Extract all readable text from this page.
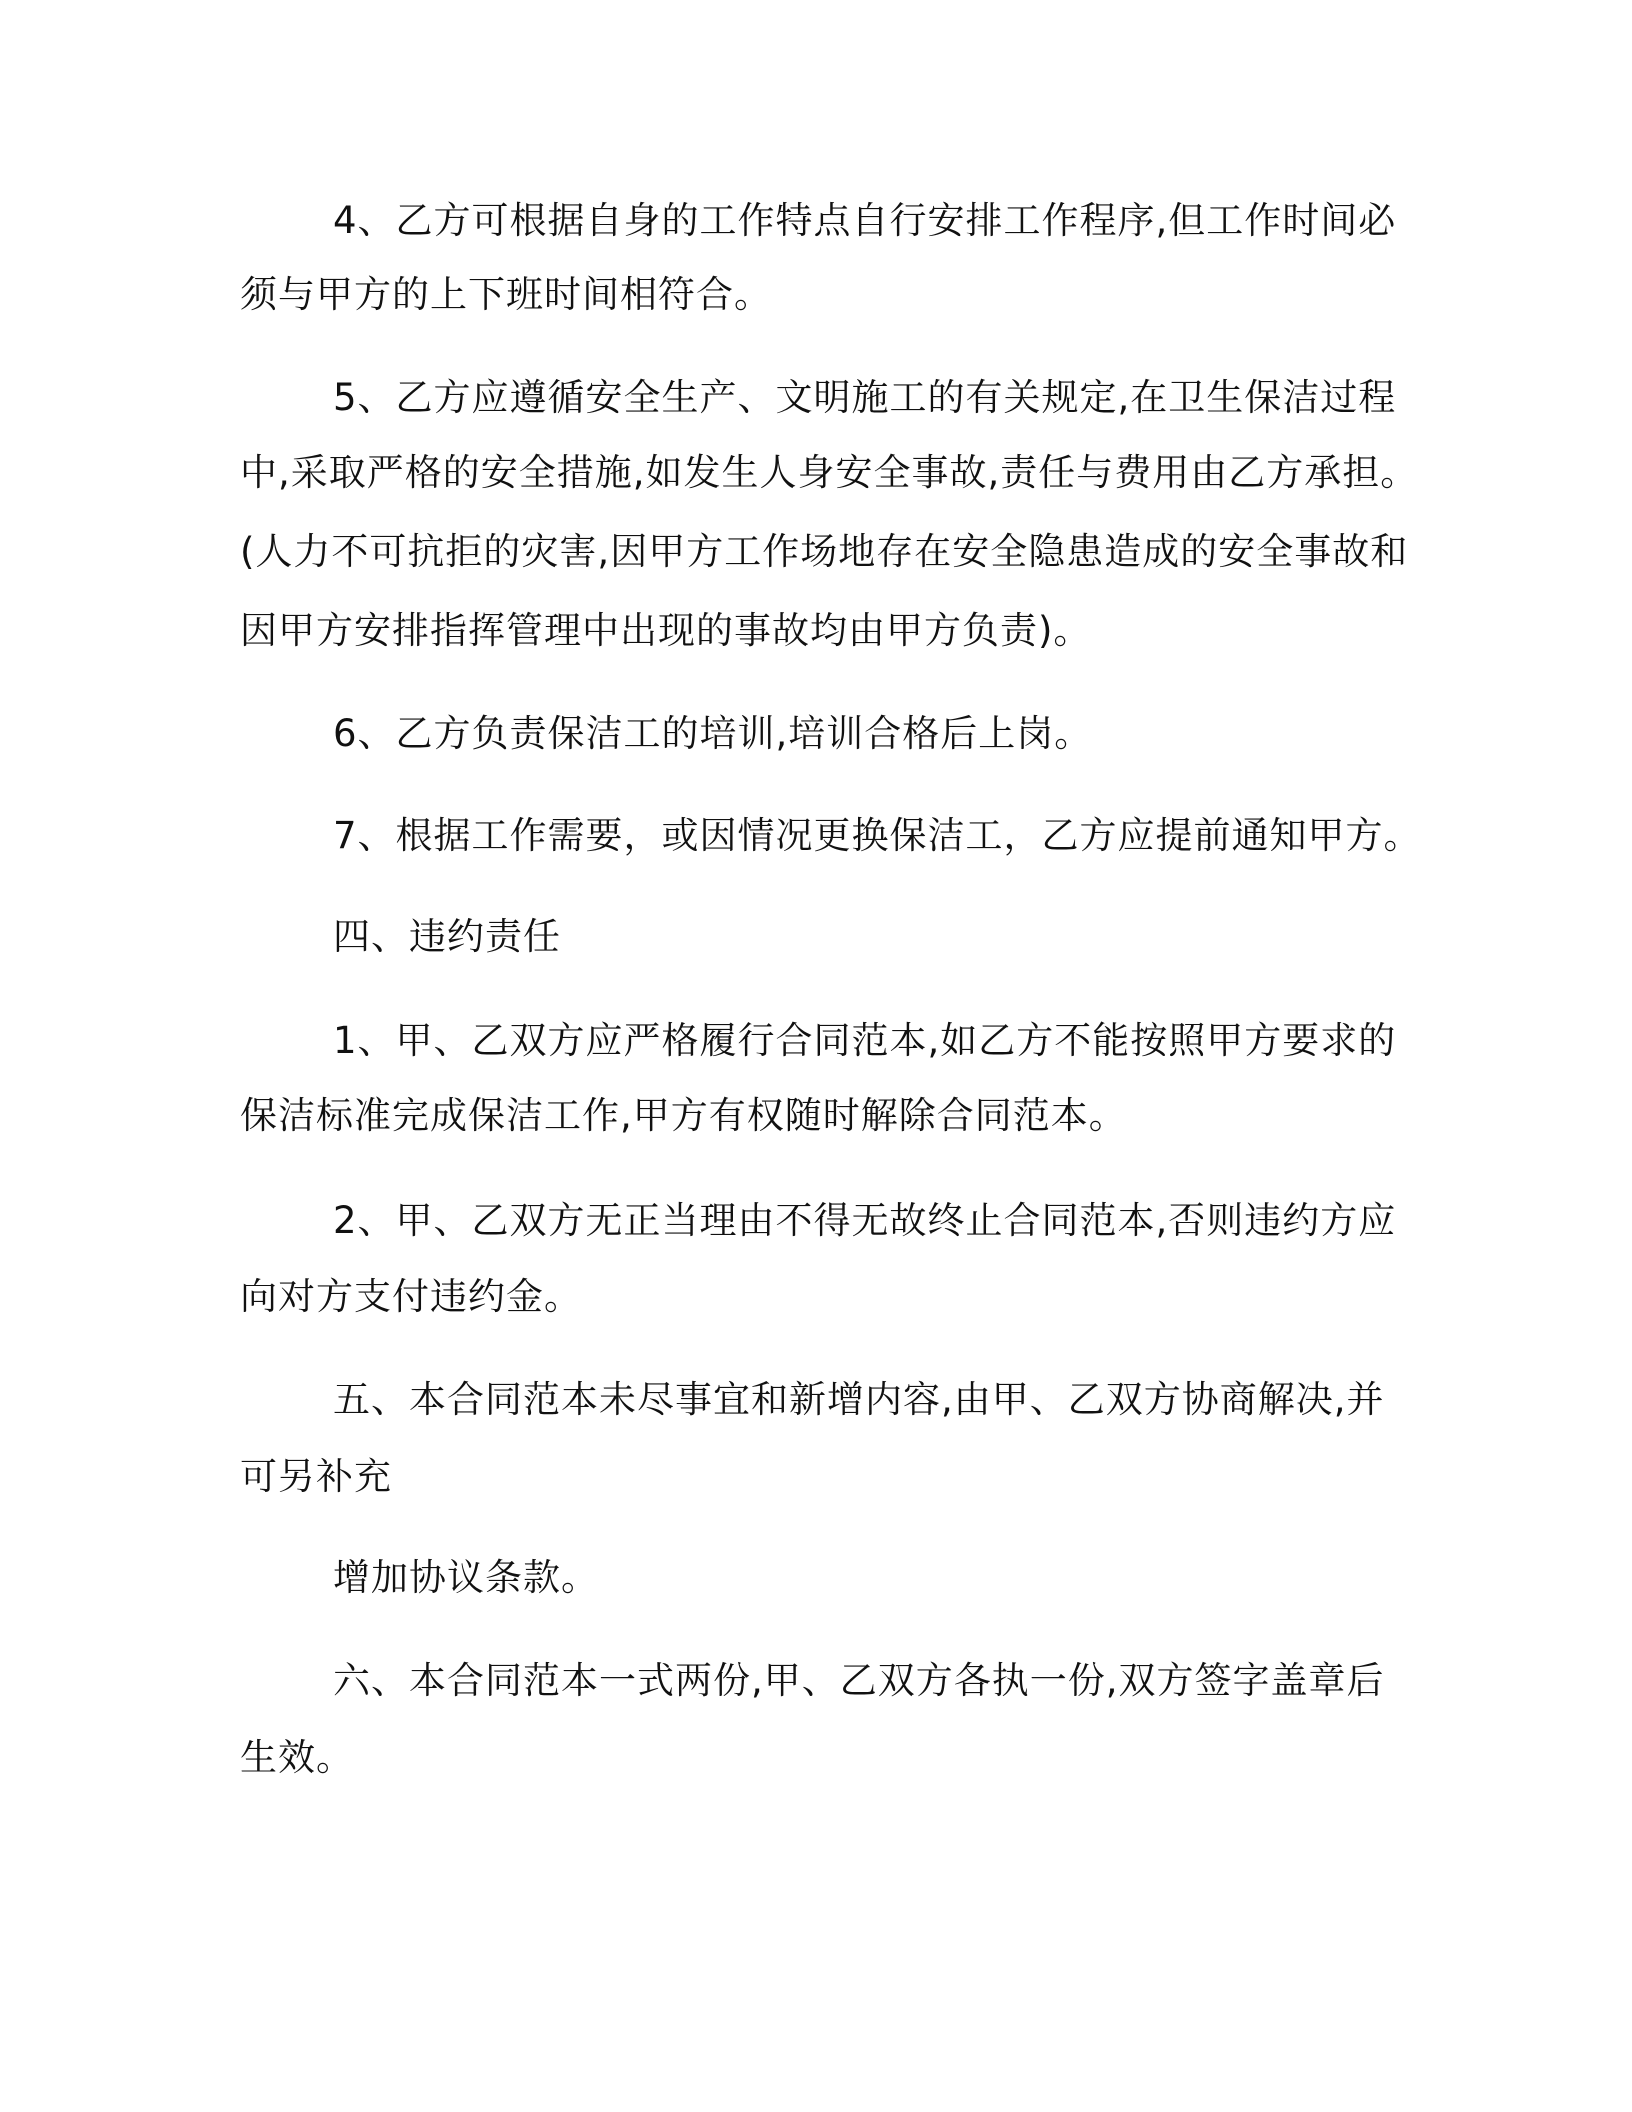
4、乙方可根据自身的工作特点自行安排工作程序,但工作时间必
须与甲方的上下班时间相符合。
5、乙方应遵循安全生产、文明施工的有关规定,在卫生保洁过程
中,采取严格的安全措施,如发生人身安全事故,责任与费用由乙方承担。
(人力不可抗拒的灾害,因甲方工作场地存在安全隐患造成的安全事故和
因甲方安排指挥管理中出现的事故均由甲方负责)。
6、乙方负责保洁工的培训,培训合格后上岗。
7、根据工作需要，或因情况更换保洁工，乙方应提前通知甲方。
四、违约责任
1、甲、乙双方应严格履行合同范本,如乙方不能按照甲方要求的
保洁标准完成保洁工作,甲方有权随时解除合同范本。
2、甲、乙双方无正当理由不得无故终止合同范本,否则违约方应
向对方支付违约金。
五、本合同范本未尽事宜和新增内容,由甲、乙双方协商解决,并
可另补充
增加协议条款。
六、本合同范本一式两份,甲、乙双方各执一份,双方签字盖章后
生效。
